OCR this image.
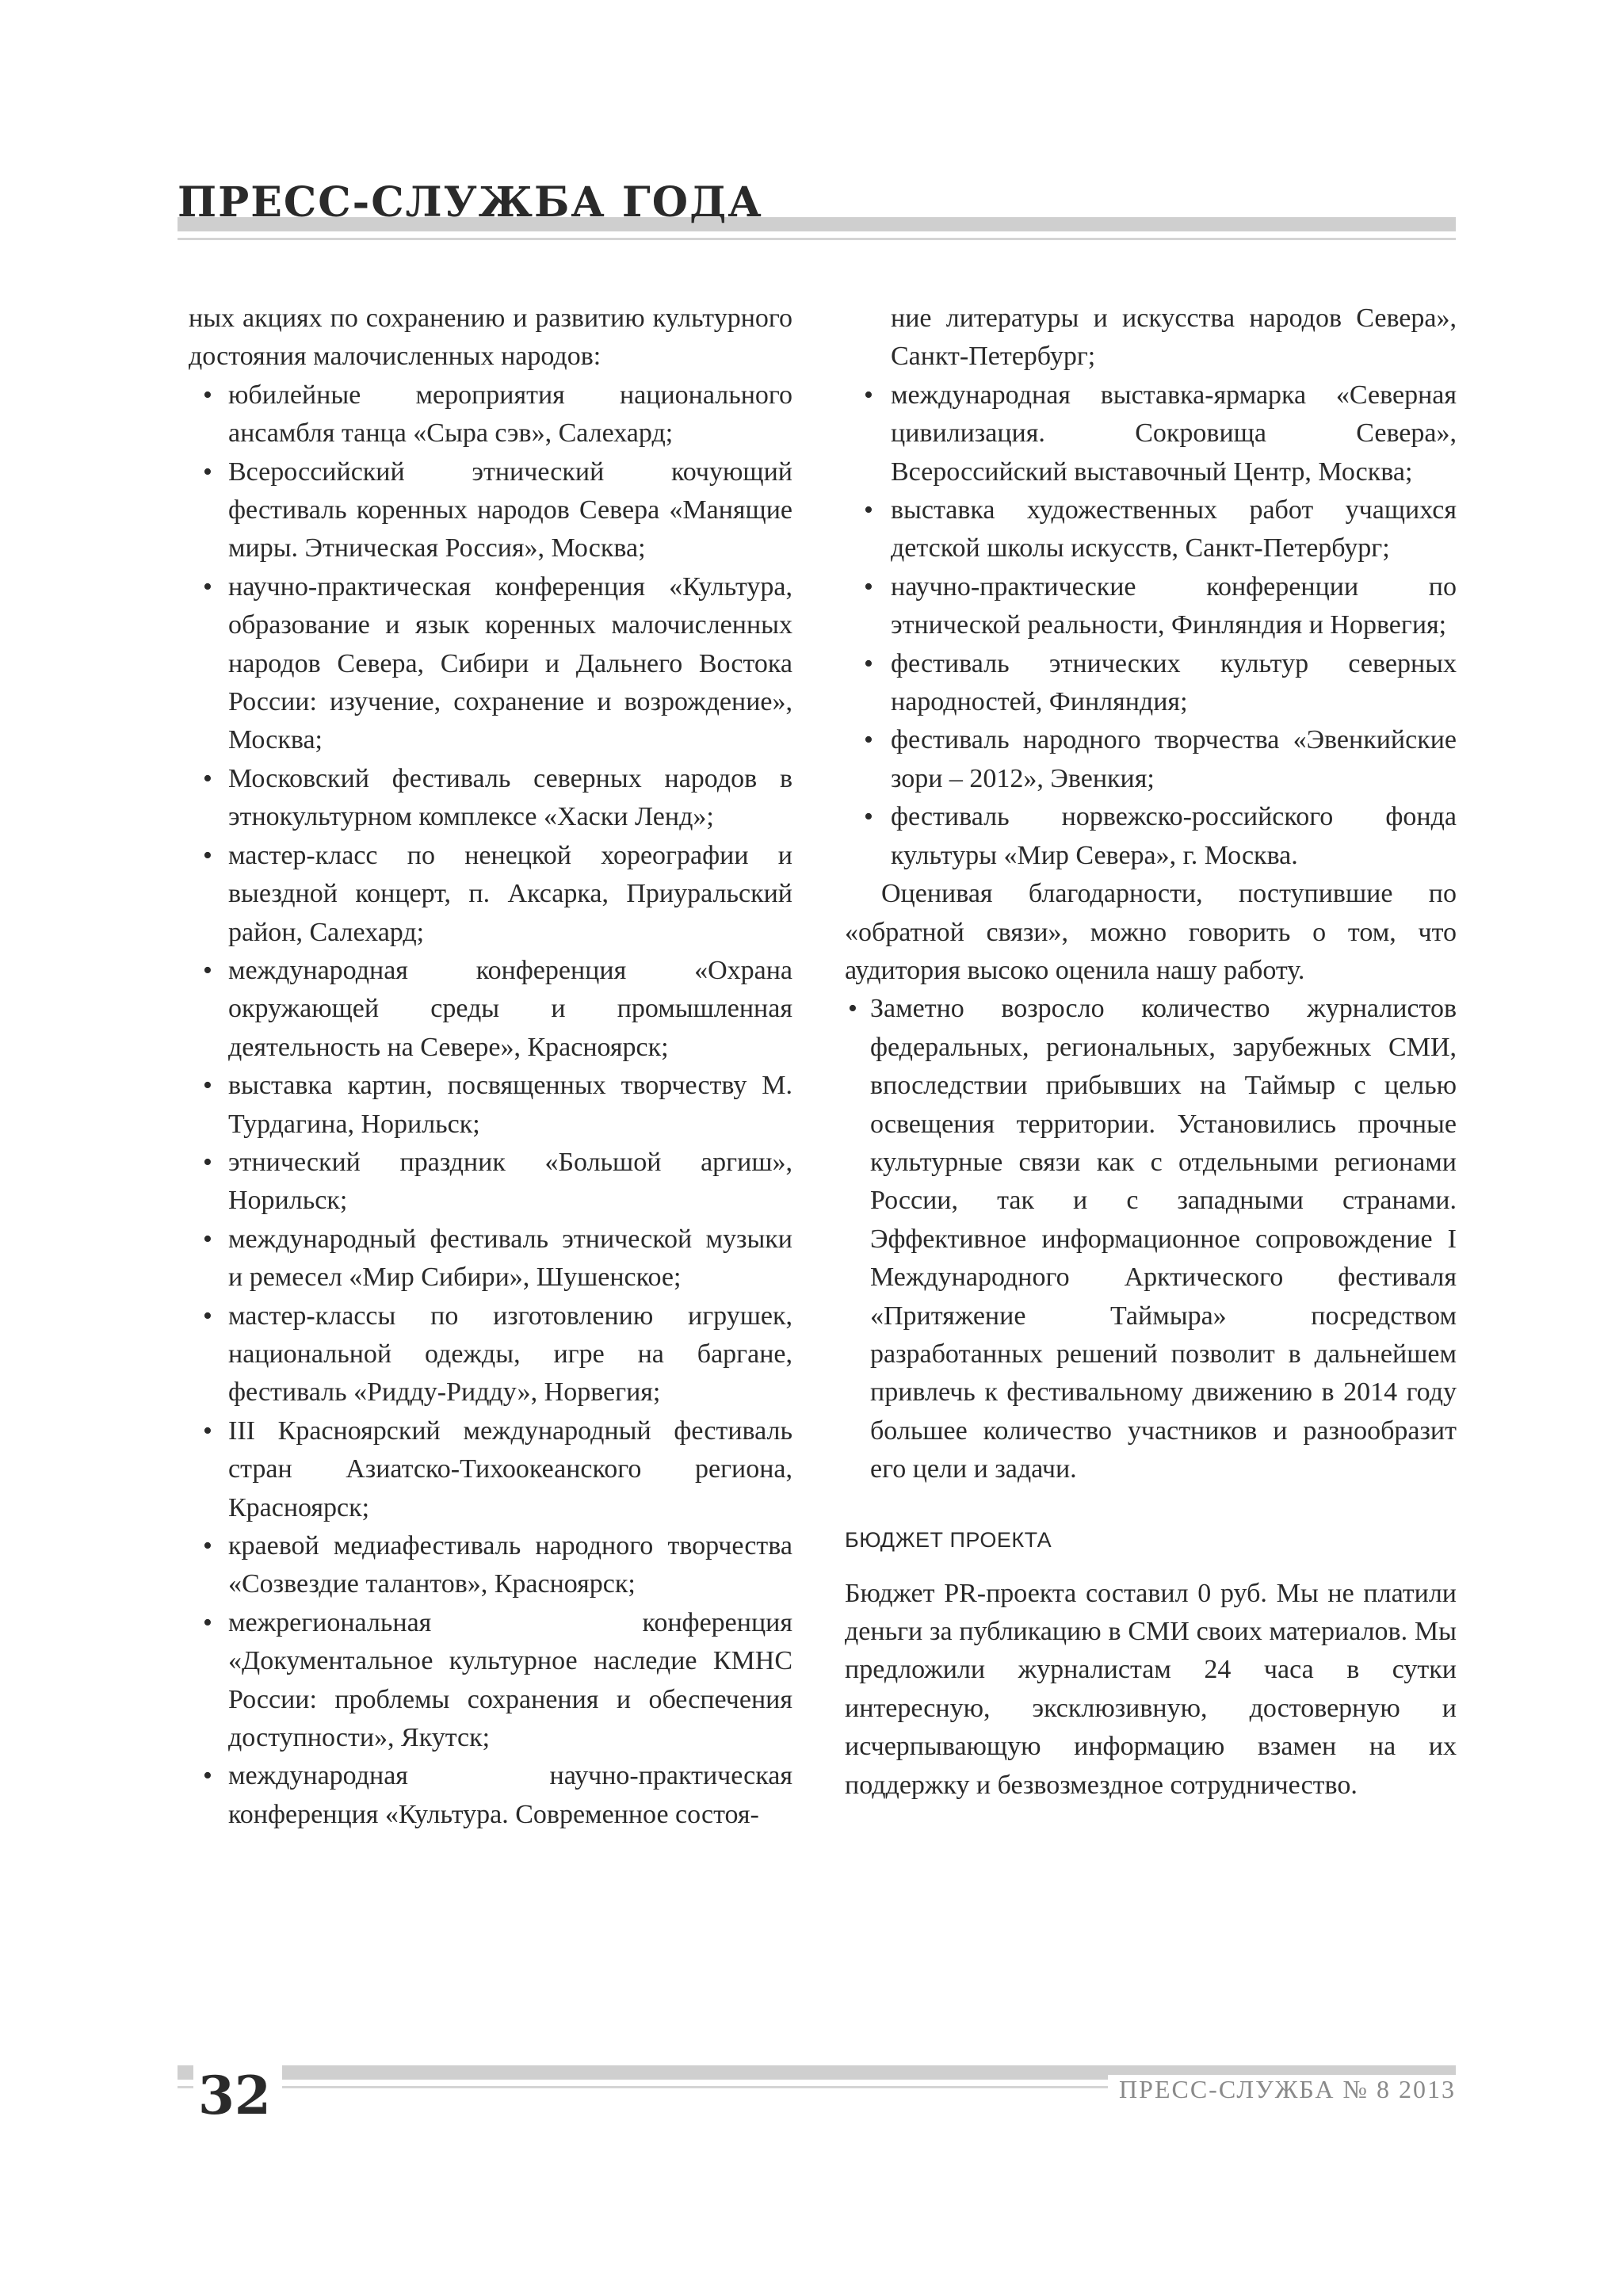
ПРЕСС-СЛУЖБА ГОДА

ных акциях по сохранению и развитию культурного достояния малочисленных народов:

• юбилейные мероприятия национального ансамбля танца «Сыра сэв», Салехард;
• Всероссийский этнический кочующий фестиваль коренных народов Севера «Манящие миры. Этническая Россия», Москва;
• научно-практическая конференция «Культура, образование и язык коренных малочисленных народов Севера, Сибири и Дальнего Востока России: изучение, сохранение и возрождение», Москва;
• Московский фестиваль северных народов в этнокультурном комплексе «Хаски Ленд»;
• мастер-класс по ненецкой хореографии и выездной концерт, п. Аксарка, Приуральский район, Салехард;
• международная конференция «Охрана окружающей среды и промышленная деятельность на Севере», Красноярск;
• выставка картин, посвященных творчеству М. Турдагина, Норильск;
• этнический праздник «Большой аргиш», Норильск;
• международный фестиваль этнической музыки и ремесел «Мир Сибири», Шушенское;
• мастер-классы по изготовлению игрушек, национальной одежды, игре на баргане, фестиваль «Ридду-Ридду», Норвегия;
• III Красноярский международный фестиваль стран Азиатско-Тихоокеанского региона, Красноярск;
• краевой медиафестиваль народного творчества «Созвездие талантов», Красноярск;
• межрегиональная конференция «Документальное культурное наследие КМНС России: проблемы сохранения и обеспечения доступности», Якутск;
• международная научно-практическая конференция «Культура. Современное состоя-
ние литературы и искусства народов Севера», Санкт-Петербург;
• международная выставка-ярмарка «Северная цивилизация. Сокровища Севера», Всероссийский выставочный Центр, Москва;
• выставка художественных работ учащихся детской школы искусств, Санкт-Петербург;
• научно-практические конференции по этнической реальности, Финляндия и Норвегия;
• фестиваль этнических культур северных народностей, Финляндия;
• фестиваль народного творчества «Эвенкийские зори – 2012», Эвенкия;
• фестиваль норвежско-российского фонда культуры «Мир Севера», г. Москва.

Оценивая благодарности, поступившие по «обратной связи», можно говорить о том, что аудитория высоко оценила нашу работу.

• Заметно возросло количество журналистов федеральных, региональных, зарубежных СМИ, впоследствии прибывших на Таймыр с целью освещения территории. Установились прочные культурные связи как с отдельными регионами России, так и с западными странами. Эффективное информационное сопровождение I Международного Арктического фестиваля «Притяжение Таймыра» посредством разработанных решений позволит в дальнейшем привлечь к фестивальному движению в 2014 году большее количество участников и разнообразит его цели и задачи.
БЮДЖЕТ ПРОЕКТА

Бюджет PR-проекта составил 0 руб. Мы не платили деньги за публикацию в СМИ своих материалов. Мы предложили журналистам 24 часа в сутки интересную, эксклюзивную, достоверную и исчерпывающую информацию взамен на их поддержку и безвозмездное сотрудничество.

32	ПРЕСС-СЛУЖБА № 8 2013
